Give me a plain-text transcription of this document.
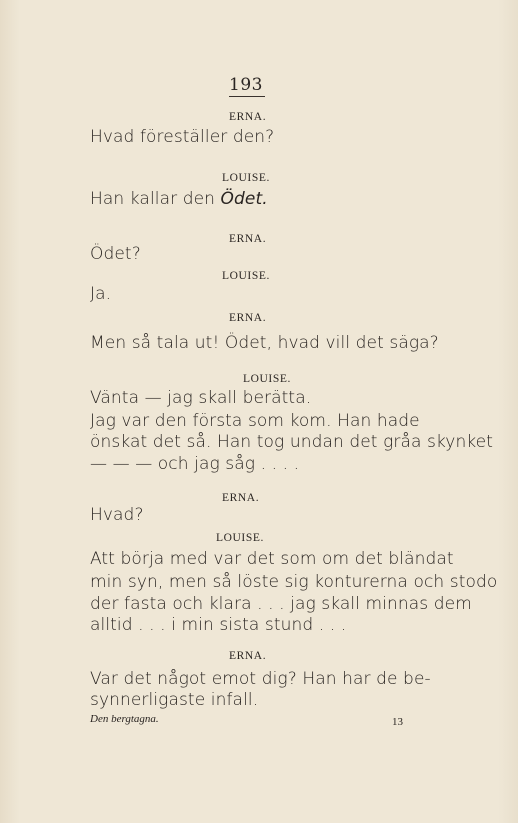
193
ERNA.
Hvad föreställer den?
LOUISE.
Han kallar den Ödet.
ERNA.
Ödet?
LOUISE.
Ja.
ERNA.
Men så tala ut! Ödet, hvad vill det säga?
LOUISE.
Vänta — jag skall berätta.
Jag var den första som kom. Han hade
önskat det så. Han tog undan det gråa skynket
— — — och jag såg . . . .
ERNA.
Hvad?
LOUISE.
Att börja med var det som om det bländat
min syn, men så löste sig konturerna och stodo
der fasta och klara . . . jag skall minnas dem
alltid . . . i min sista stund . . .
ERNA.
Var det något emot dig? Han har de be-
synnerligaste infall.
Den bergtagna.	13
